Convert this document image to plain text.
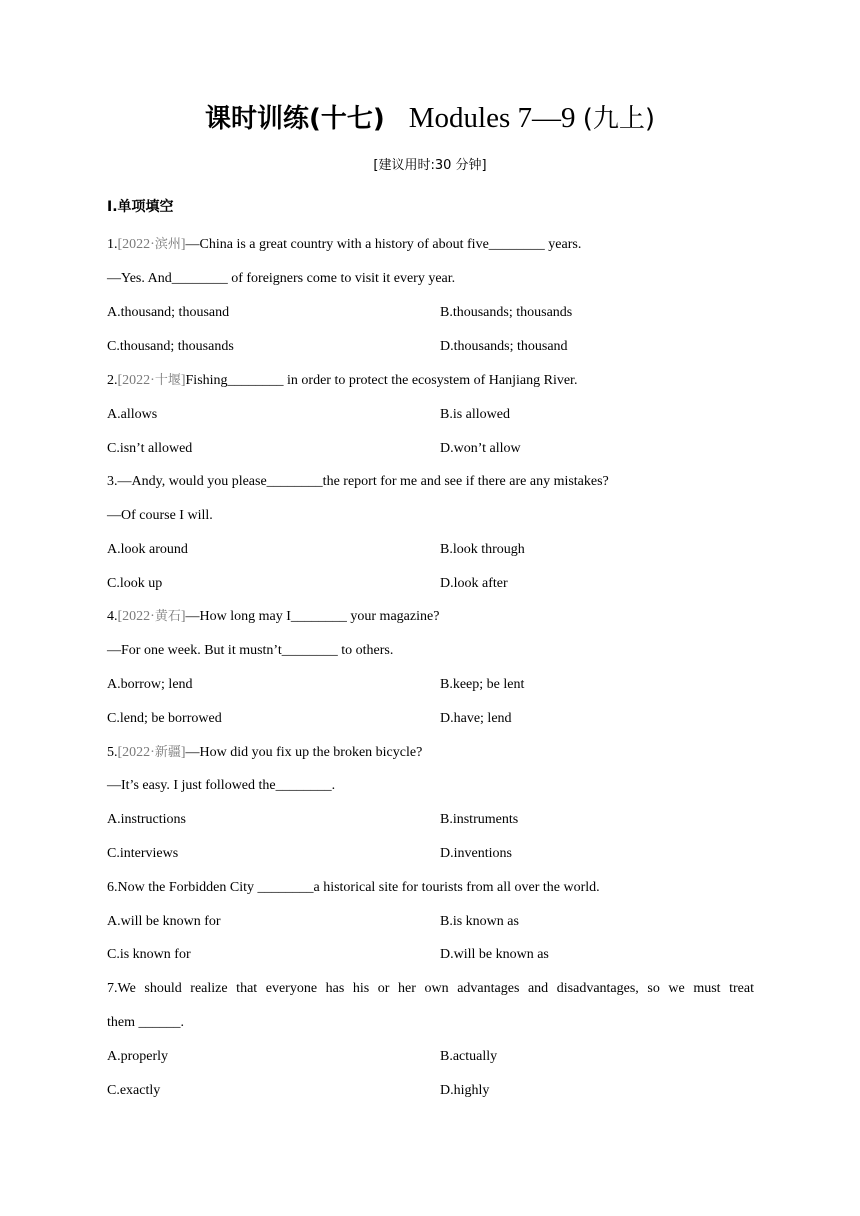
课时训练(十七) Modules 7—9 (九上)
[建议用时:30 分钟]
Ⅰ.单项填空
1.[2022·滨州]—China is a great country with a history of about five________ years.
—Yes. And________ of foreigners come to visit it every year.
A.thousand; thousand	B.thousands; thousands
C.thousand; thousands	D.thousands; thousand
2.[2022·十堰]Fishing________ in order to protect the ecosystem of Hanjiang River.
A.allows	B.is allowed
C.isn’t allowed	D.won’t allow
3.—Andy, would you please________the report for me and see if there are any mistakes?
—Of course I will.
A.look around	B.look through
C.look up	D.look after
4.[2022·黄石]—How long may I________ your magazine?
—For one week. But it mustn’t________ to others.
A.borrow; lend	B.keep; be lent
C.lend; be borrowed	D.have; lend
5.[2022·新疆]—How did you fix up the broken bicycle?
—It’s easy. I just followed the________.
A.instructions	B.instruments
C.interviews	D.inventions
6.Now the Forbidden City ________a historical site for tourists from all over the world.
A.will be known for	B.is known as
C.is known for	D.will be known as
7.We should realize that everyone has his or her own advantages and disadvantages, so we must treat
them ______.
A.properly	B.actually
C.exactly	D.highly
